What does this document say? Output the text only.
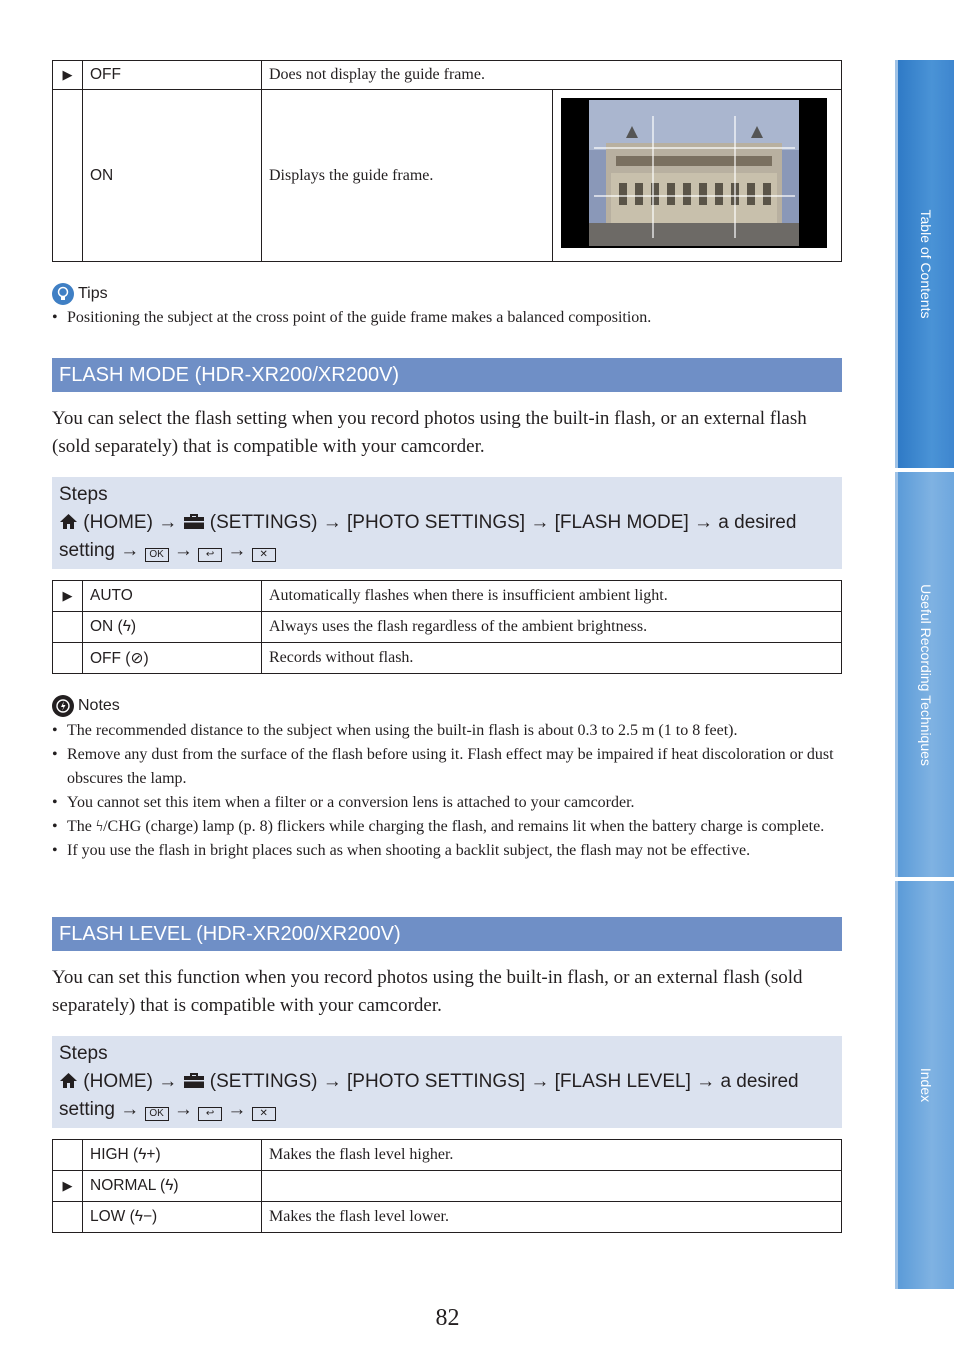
▶	OFF	Does not display the guide frame.	
	ON	Displays the guide frame.	
Tips
• Positioning the subject at the cross point of the guide frame makes a balanced composition.
FLASH MODE (HDR-XR200/XR200V)

You can select the flash setting when you record photos using the built-in flash, or an external flash (sold separately) that is compatible with your camcorder.

Steps
(HOME) → (SETTINGS) → [PHOTO SETTINGS] → [FLASH MODE] → a desired setting → OK → ↩ → ✕
▶	AUTO	Automatically flashes when there is insufficient ambient light.
	ON (ϟ)	Always uses the flash regardless of the ambient brightness.
	OFF (⊘)	Records without flash.
Notes
• The recommended distance to the subject when using the built-in flash is about 0.3 to 2.5 m (1 to 8 feet).
• Remove any dust from the surface of the flash before using it. Flash effect may be impaired if heat discoloration or dust obscures the lamp.
• You cannot set this item when a filter or a conversion lens is attached to your camcorder.
• The ϟ/CHG (charge) lamp (p. 8) flickers while charging the flash, and remains lit when the battery charge is complete.
• If you use the flash in bright places such as when shooting a backlit subject, the flash may not be effective.
FLASH LEVEL (HDR-XR200/XR200V)

You can set this function when you record photos using the built-in flash, or an external flash (sold separately) that is compatible with your camcorder.

Steps
(HOME) → (SETTINGS) → [PHOTO SETTINGS] → [FLASH LEVEL] → a desired setting → OK → ↩ → ✕
	HIGH (ϟ+)	Makes the flash level higher.
▶	NORMAL (ϟ)	
	LOW (ϟ−)	Makes the flash level lower.
Table of Contents
Useful Recording Techniques
Index
82
